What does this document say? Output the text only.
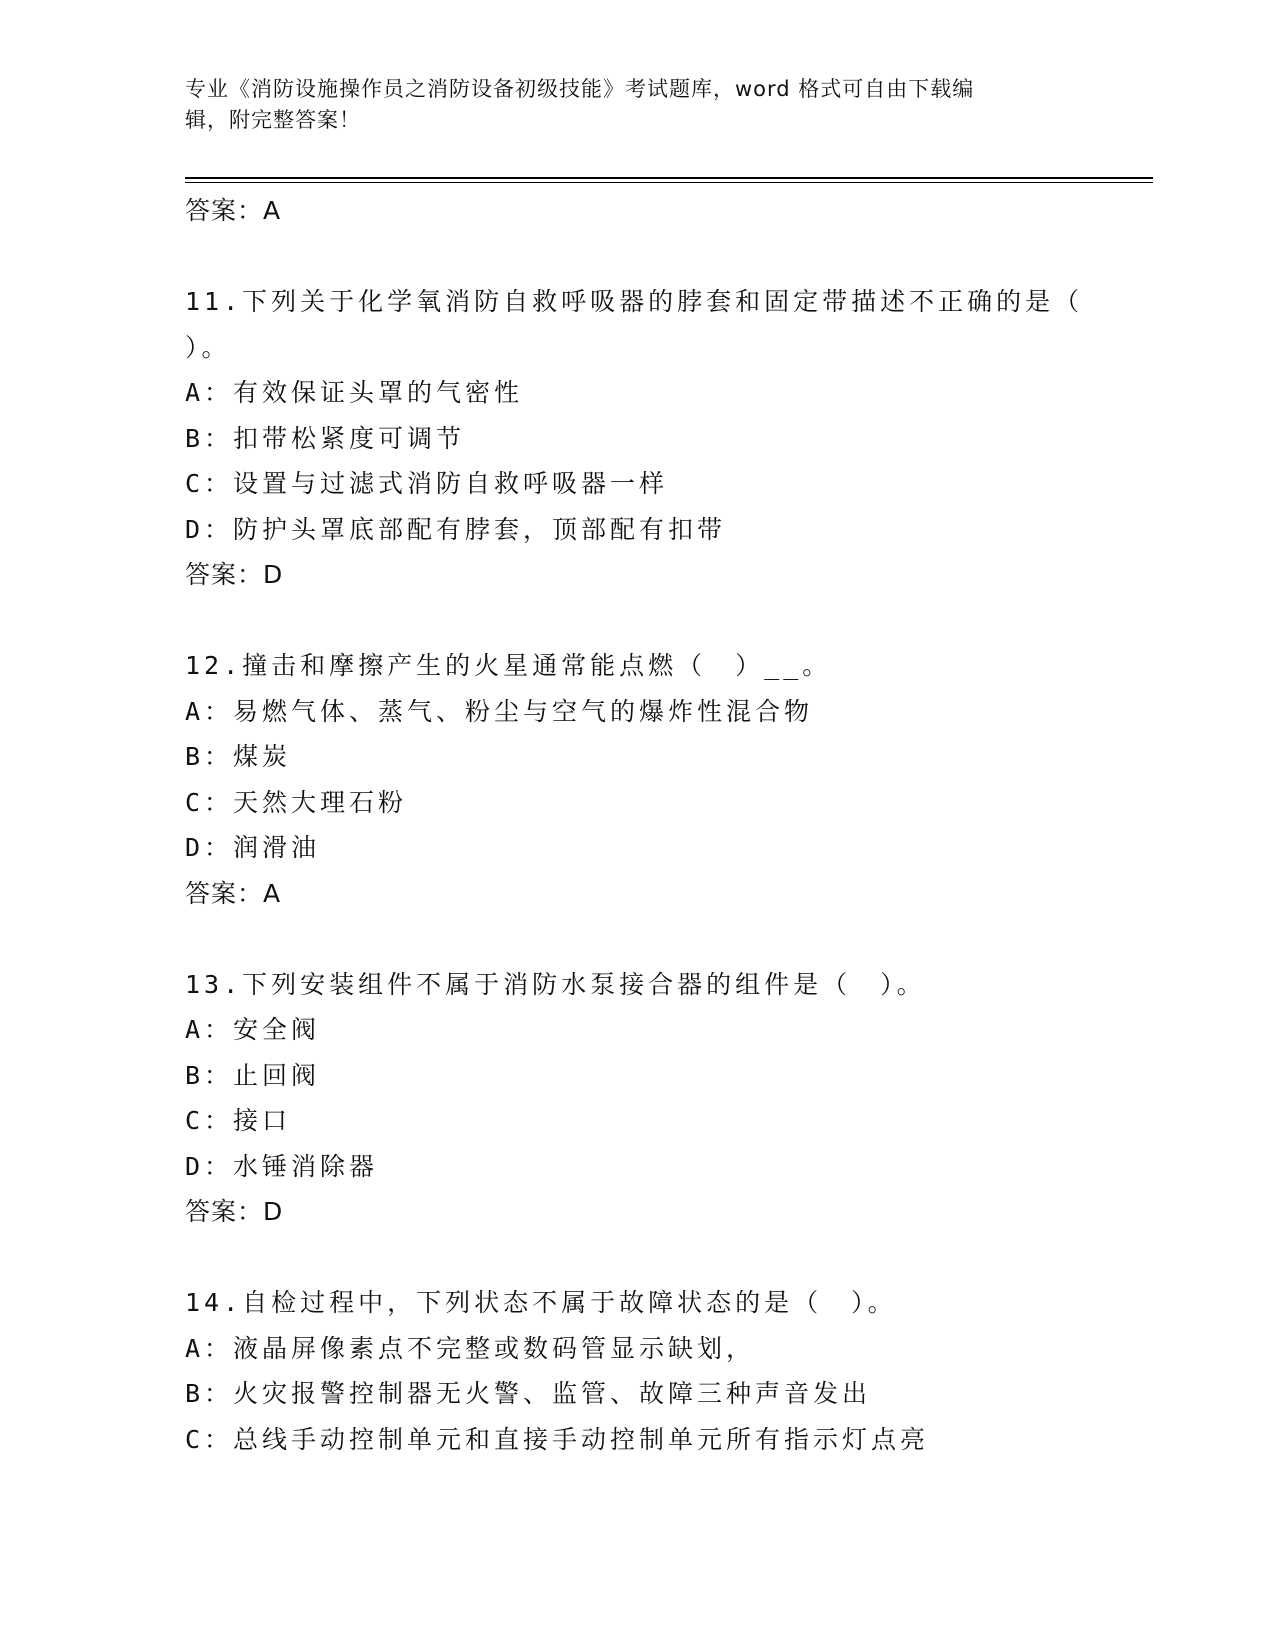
专业《消防设施操作员之消防设备初级技能》考试题库，word 格式可自由下载编
辑，附完整答案！
答案：A
11.下列关于化学氧消防自救呼吸器的脖套和固定带描述不正确的是（
）。
A：有效保证头罩的气密性
B：扣带松紧度可调节
C：设置与过滤式消防自救呼吸器一样
D：防护头罩底部配有脖套，顶部配有扣带
答案：D
12.撞击和摩擦产生的火星通常能点燃（　）__。
A：易燃气体、蒸气、粉尘与空气的爆炸性混合物
B：煤炭
C：天然大理石粉
D：润滑油
答案：A
13.下列安装组件不属于消防水泵接合器的组件是（　）。
A：安全阀
B：止回阀
C：接口
D：水锤消除器
答案：D
14.自检过程中，下列状态不属于故障状态的是（　）。
A：液晶屏像素点不完整或数码管显示缺划，
B：火灾报警控制器无火警、监管、故障三种声音发出
C：总线手动控制单元和直接手动控制单元所有指示灯点亮
